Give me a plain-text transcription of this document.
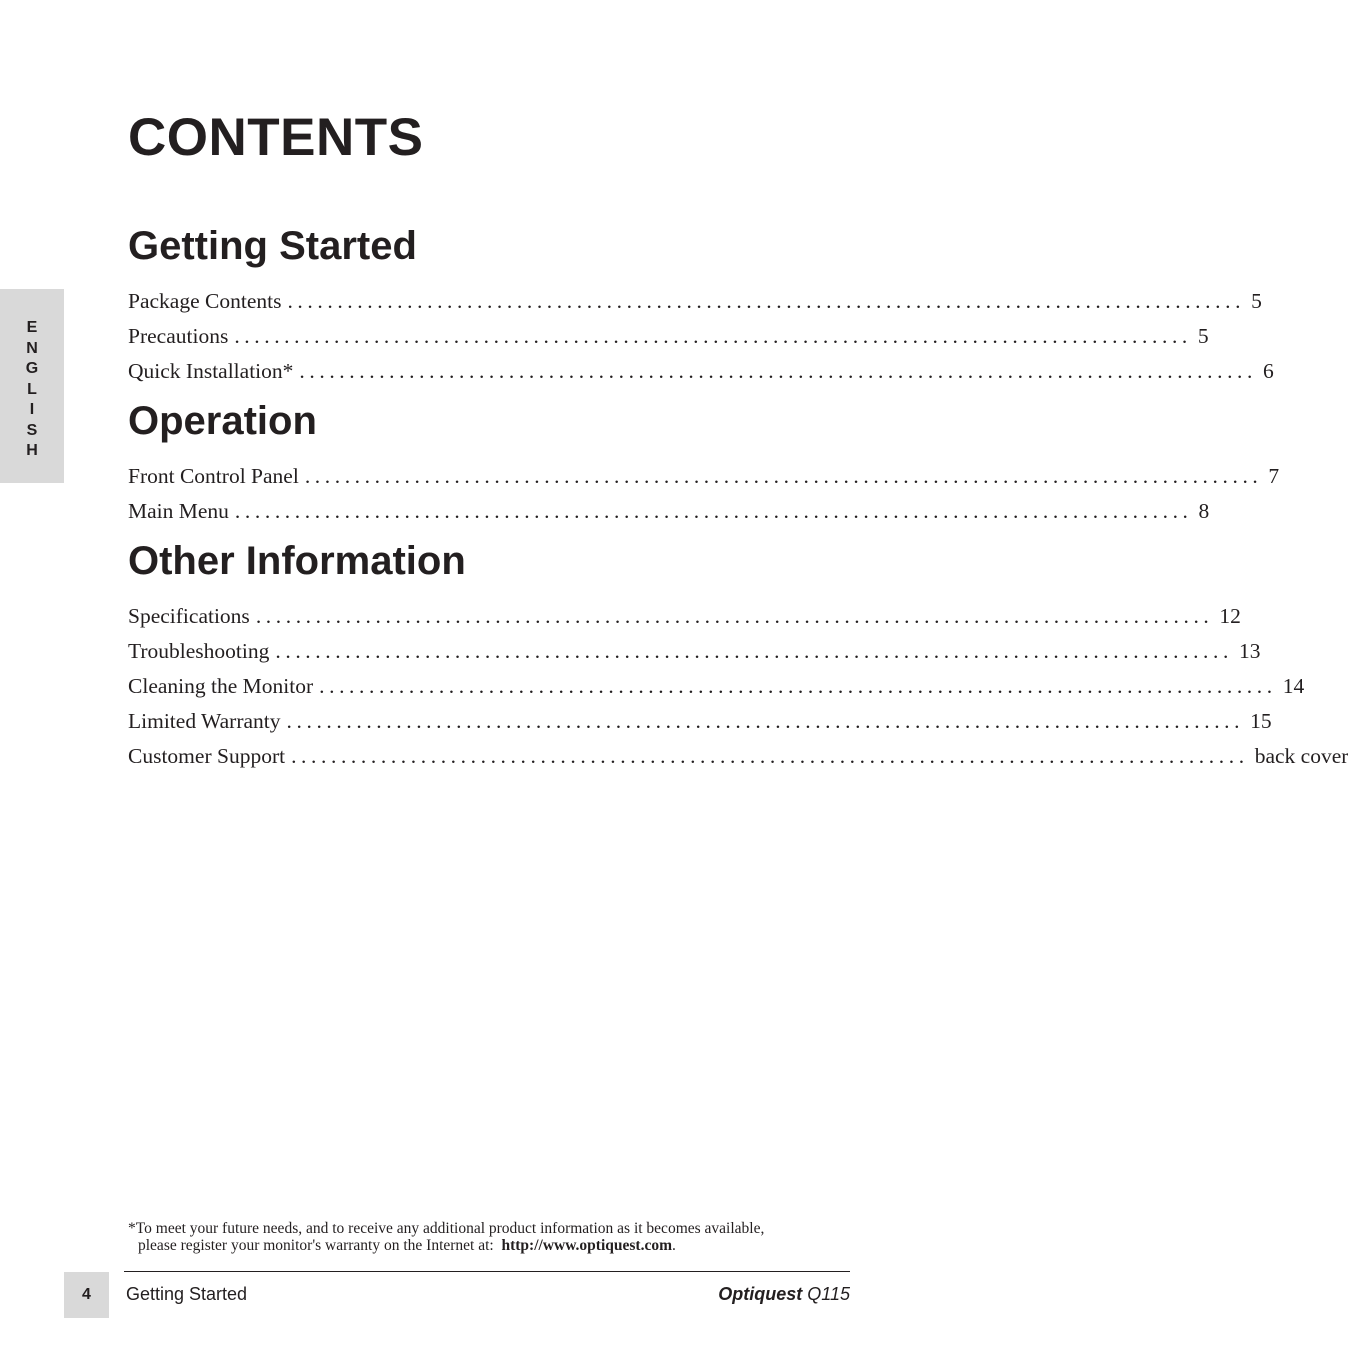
E
N
G
L
I
S
H
CONTENTS
Getting Started
Package Contents ................................................................................................ 5
Precautions ................................................................................................ 5
Quick Installation* ................................................................................................ 6
Operation
Front Control Panel ................................................................................................ 7
Main Menu ................................................................................................ 8
Other Information
Specifications ................................................................................................ 12
Troubleshooting ................................................................................................ 13
Cleaning the Monitor ................................................................................................ 14
Limited Warranty ................................................................................................ 15
Customer Support ................................................................................................ back cover
*To meet your future needs, and to receive any additional product information as it becomes available,
please register your monitor's warranty on the Internet at: http://www.optiquest.com.
4	Getting Started	Optiquest Q115
